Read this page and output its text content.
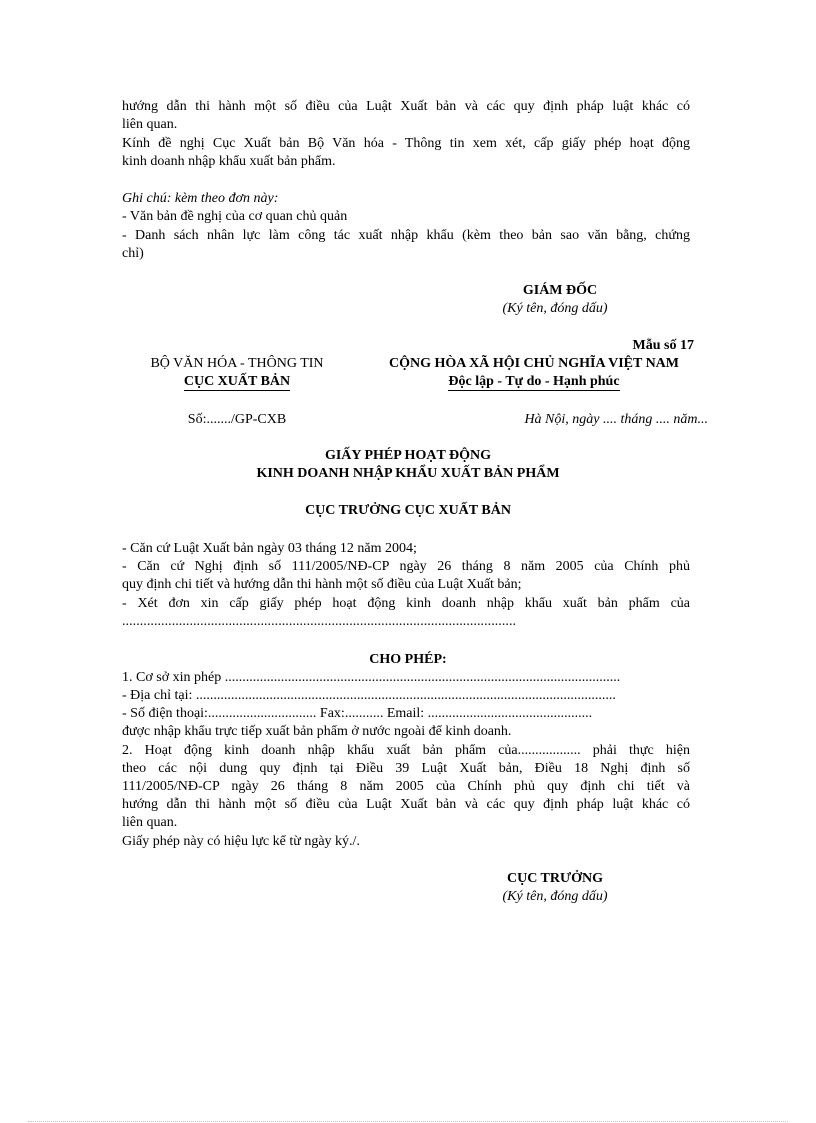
hướng dẫn thi hành một số điều của Luật Xuất bản và các quy định pháp luật khác có
liên quan.
Kính đề nghị Cục Xuất bản Bộ Văn hóa - Thông tin xem xét, cấp giấy phép hoạt động
kinh doanh nhập khẩu xuất bản phẩm.
Ghi chú: kèm theo đơn này:
- Văn bản đề nghị của cơ quan chủ quản
- Danh sách nhân lực làm công tác xuất nhập khẩu (kèm theo bản sao văn bằng, chứng
chỉ)
GIÁM ĐỐC
(Ký tên, đóng dấu)
Mẫu số 17
BỘ VĂN HÓA - THÔNG TIN
CỤC XUẤT BẢN
CỘNG HÒA XÃ HỘI CHỦ NGHĨA VIỆT NAM
Độc lập - Tự do - Hạnh phúc
Số:......./GP-CXB	Hà Nội, ngày .... tháng .... năm...
GIẤY PHÉP HOẠT ĐỘNG
KINH DOANH NHẬP KHẨU XUẤT BẢN PHẨM
CỤC TRƯỞNG CỤC XUẤT BẢN
- Căn cứ Luật Xuất bản ngày 03 tháng 12 năm 2004;
- Căn cứ Nghị định số 111/2005/NĐ-CP ngày 26 tháng 8 năm 2005 của Chính phủ
quy định chi tiết và hướng dẫn thi hành một số điều của Luật Xuất bản;
- Xét đơn xin cấp giấy phép hoạt động kinh doanh nhập khẩu xuất bản phẩm của
...............................................................................................................
CHO PHÉP:
1. Cơ sở xin phép .................................................................................................................
- Địa chỉ tại: ........................................................................................................................
- Số điện thoại:............................... Fax:........... Email: ...............................................
được nhập khẩu trực tiếp xuất bản phẩm ở nước ngoài để kinh doanh.
2. Hoạt động kinh doanh nhập khẩu xuất bản phẩm của.................. phải thực hiện
theo các nội dung quy định tại Điều 39 Luật Xuất bản, Điều 18 Nghị định số
111/2005/NĐ-CP ngày 26 tháng 8 năm 2005 của Chính phủ quy định chi tiết và
hướng dẫn thi hành một số điều của Luật Xuất bản và các quy định pháp luật khác có
liên quan.
Giấy phép này có hiệu lực kể từ ngày ký./.
CỤC TRƯỞNG
(Ký tên, đóng dấu)
